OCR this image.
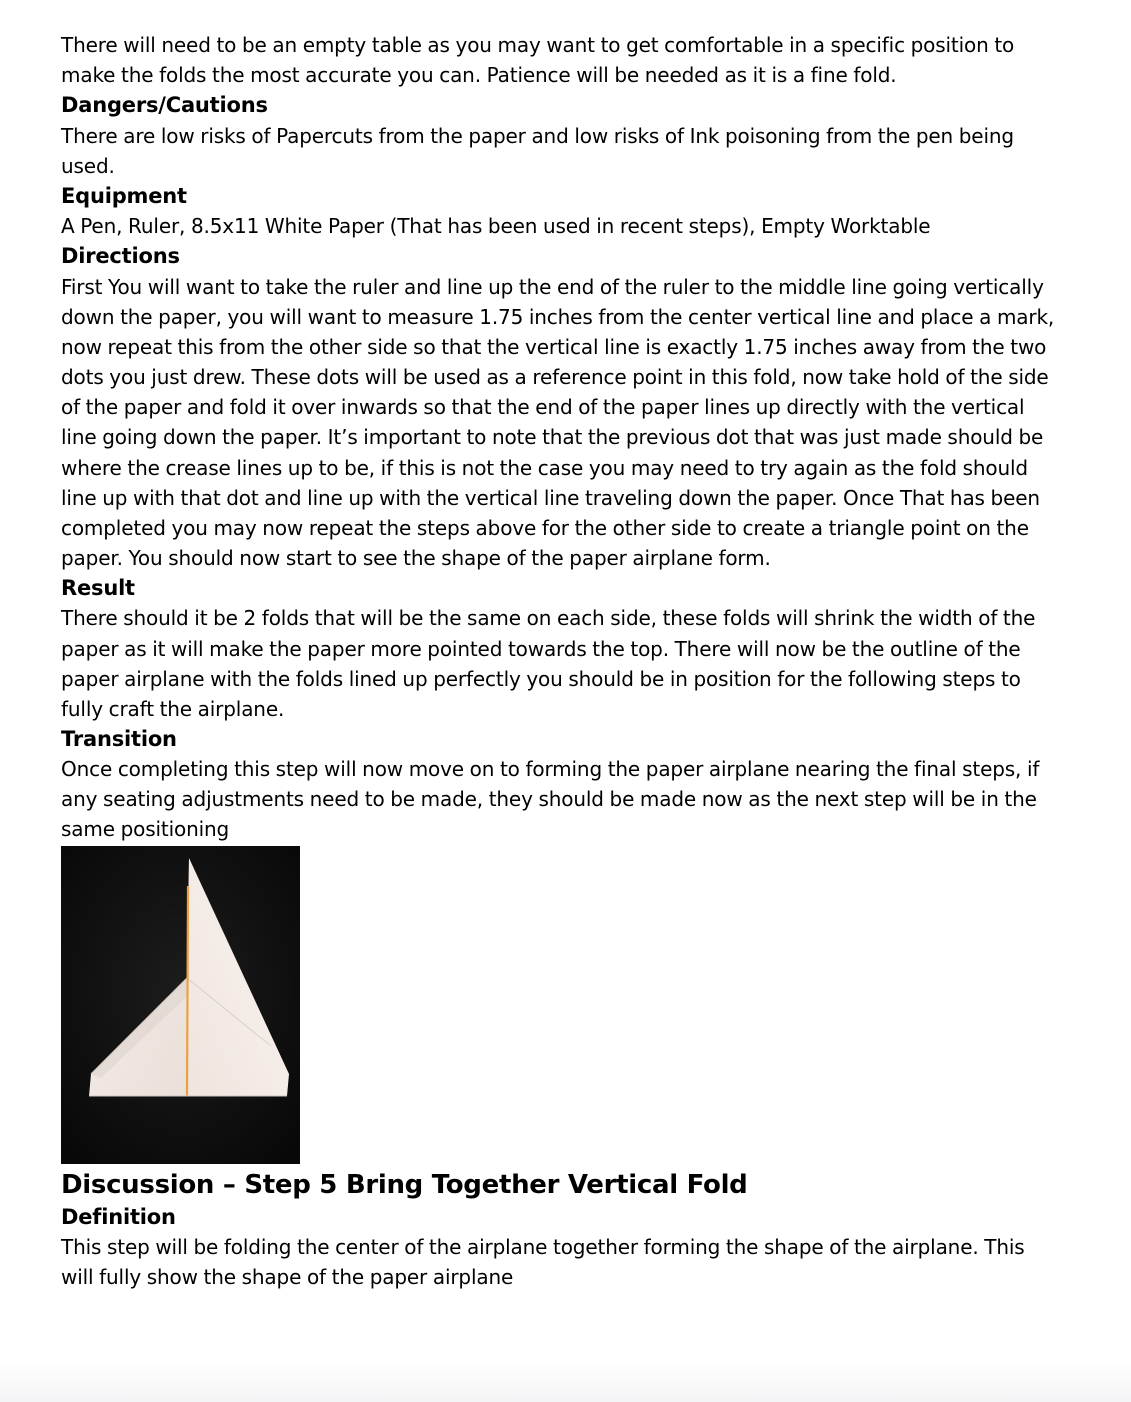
There will need to be an empty table as you may want to get comfortable in a specific position to make the folds the most accurate you can. Patience will be needed as it is a fine fold.

Dangers/Cautions

There are low risks of Papercuts from the paper and low risks of Ink poisoning from the pen being used.

Equipment

A Pen, Ruler, 8.5x11 White Paper (That has been used in recent steps), Empty Worktable

Directions

First You will want to take the ruler and line up the end of the ruler to the middle line going vertically down the paper, you will want to measure 1.75 inches from the center vertical line and place a mark, now repeat this from the other side so that the vertical line is exactly 1.75 inches away from the two dots you just drew. These dots will be used as a reference point in this fold, now take hold of the side of the paper and fold it over inwards so that the end of the paper lines up directly with the vertical line going down the paper. It’s important to note that the previous dot that was just made should be where the crease lines up to be, if this is not the case you may need to try again as the fold should line up with that dot and line up with the vertical line traveling down the paper. Once That has been completed you may now repeat the steps above for the other side to create a triangle point on the paper. You should now start to see the shape of the paper airplane form.

Result

There should it be 2 folds that will be the same on each side, these folds will shrink the width of the paper as it will make the paper more pointed towards the top. There will now be the outline of the paper airplane with the folds lined up perfectly you should be in position for the following steps to fully craft the airplane.

Transition

Once completing this step will now move on to forming the paper airplane nearing the final steps, if any seating adjustments need to be made, they should be made now as the next step will be in the same positioning

Discussion – Step 5 Bring Together Vertical Fold
Definition

This step will be folding the center of the airplane together forming the shape of the airplane. This will fully show the shape of the paper airplane
